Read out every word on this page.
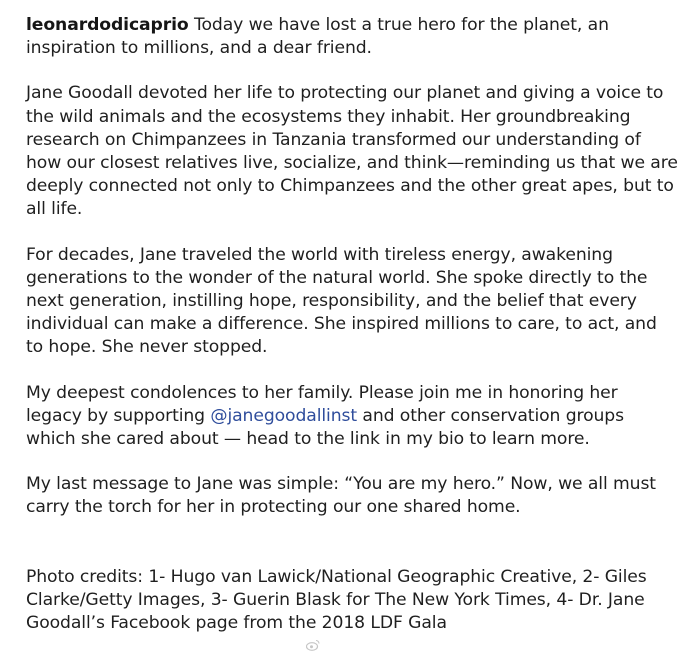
leonardodicaprio Today we have lost a true hero for the planet, an inspiration to millions, and a dear friend.

Jane Goodall devoted her life to protecting our planet and giving a voice to the wild animals and the ecosystems they inhabit. Her groundbreaking research on Chimpanzees in Tanzania transformed our understanding of how our closest relatives live, socialize, and think—reminding us that we are deeply connected not only to Chimpanzees and the other great apes, but to all life.

For decades, Jane traveled the world with tireless energy, awakening generations to the wonder of the natural world. She spoke directly to the next generation, instilling hope, responsibility, and the belief that every individual can make a difference. She inspired millions to care, to act, and to hope. She never stopped.

My deepest condolences to her family. Please join me in honoring her legacy by supporting @janegoodallinst and other conservation groups which she cared about — head to the link in my bio to learn more.

My last message to Jane was simple: “You are my hero.” Now, we all must carry the torch for her in protecting our one shared home.

Photo credits: 1- Hugo van Lawick/National Geographic Creative, 2- Giles Clarke/Getty Images, 3- Guerin Blask for The New York Times, 4- Dr. Jane Goodall’s Facebook page from the 2018 LDF Gala
